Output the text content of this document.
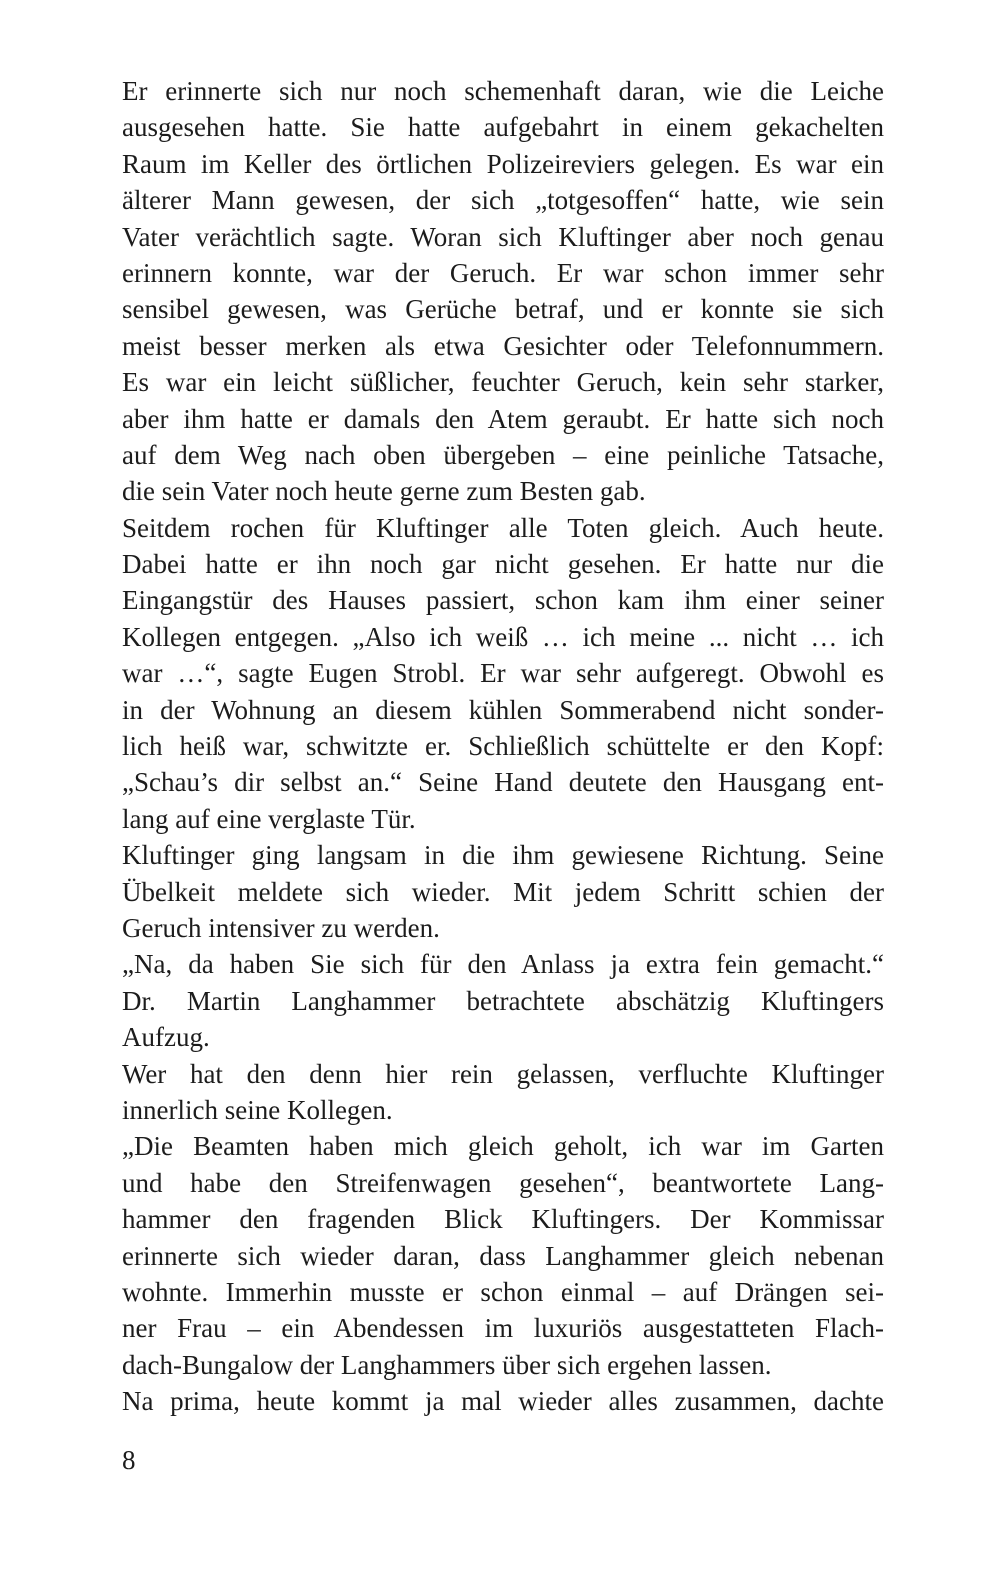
Er erinnerte sich nur noch schemenhaft daran, wie die Leiche
ausgesehen hatte. Sie hatte aufgebahrt in einem gekachelten
Raum im Keller des örtlichen Polizeireviers gelegen. Es war ein
älterer Mann gewesen, der sich „totgesoffen“ hatte, wie sein
Vater verächtlich sagte. Woran sich Kluftinger aber noch genau
erinnern konnte, war der Geruch. Er war schon immer sehr
sensibel gewesen, was Gerüche betraf, und er konnte sie sich
meist besser merken als etwa Gesichter oder Telefonnummern.
Es war ein leicht süßlicher, feuchter Geruch, kein sehr starker,
aber ihm hatte er damals den Atem geraubt. Er hatte sich noch
auf dem Weg nach oben übergeben – eine peinliche Tatsache,
die sein Vater noch heute gerne zum Besten gab.
Seitdem rochen für Kluftinger alle Toten gleich. Auch heute.
Dabei hatte er ihn noch gar nicht gesehen. Er hatte nur die
Eingangstür des Hauses passiert, schon kam ihm einer seiner
Kollegen entgegen. „Also ich weiß … ich meine ... nicht … ich
war …“, sagte Eugen Strobl. Er war sehr aufgeregt. Obwohl es
in der Wohnung an diesem kühlen Sommerabend nicht sonder-
lich heiß war, schwitzte er. Schließlich schüttelte er den Kopf:
„Schau’s dir selbst an.“ Seine Hand deutete den Hausgang ent-
lang auf eine verglaste Tür.
Kluftinger ging langsam in die ihm gewiesene Richtung. Seine
Übelkeit meldete sich wieder. Mit jedem Schritt schien der
Geruch intensiver zu werden.
„Na, da haben Sie sich für den Anlass ja extra fein gemacht.“
Dr. Martin Langhammer betrachtete abschätzig Kluftingers
Aufzug.
Wer hat den denn hier rein gelassen, verfluchte Kluftinger
innerlich seine Kollegen.
„Die Beamten haben mich gleich geholt, ich war im Garten
und habe den Streifenwagen gesehen“, beantwortete Lang-
hammer den fragenden Blick Kluftingers. Der Kommissar
erinnerte sich wieder daran, dass Langhammer gleich nebenan
wohnte. Immerhin musste er schon einmal – auf Drängen sei-
ner Frau – ein Abendessen im luxuriös ausgestatteten Flach-
dach-Bungalow der Langhammers über sich ergehen lassen.
Na prima, heute kommt ja mal wieder alles zusammen, dachte
8
